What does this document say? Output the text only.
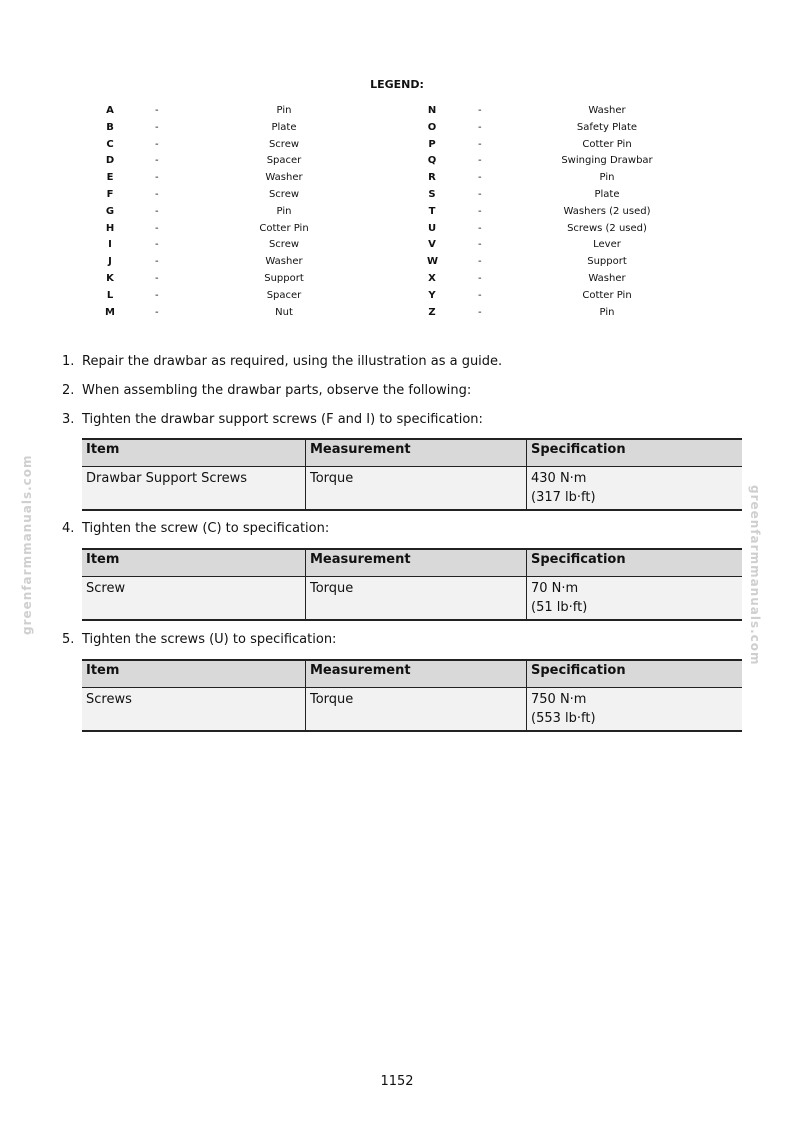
LEGEND:
A	-	Pin	N	-	Washer
B	-	Plate	O	-	Safety Plate
C	-	Screw	P	-	Cotter Pin
D	-	Spacer	Q	-	Swinging Drawbar
E	-	Washer	R	-	Pin
F	-	Screw	S	-	Plate
G	-	Pin	T	-	Washers (2 used)
H	-	Cotter Pin	U	-	Screws (2 used)
I	-	Screw	V	-	Lever
J	-	Washer	W	-	Support
K	-	Support	X	-	Washer
L	-	Spacer	Y	-	Cotter Pin
M	-	Nut	Z	-	Pin
1. Repair the drawbar as required, using the illustration as a guide.
2. When assembling the drawbar parts, observe the following:
3. Tighten the drawbar support screws (F and I) to specification:
Item	Measurement	Specification
Drawbar Support Screws	Torque	430 N·m
(317 lb·ft)
4. Tighten the screw (C) to specification:
Item	Measurement	Specification
Screw	Torque	70 N·m
(51 lb·ft)
5. Tighten the screws (U) to specification:
Item	Measurement	Specification
Screws	Torque	750 N·m
(553 lb·ft)
greenfarmmanuals.com	greenfarmmanuals.com
1152
